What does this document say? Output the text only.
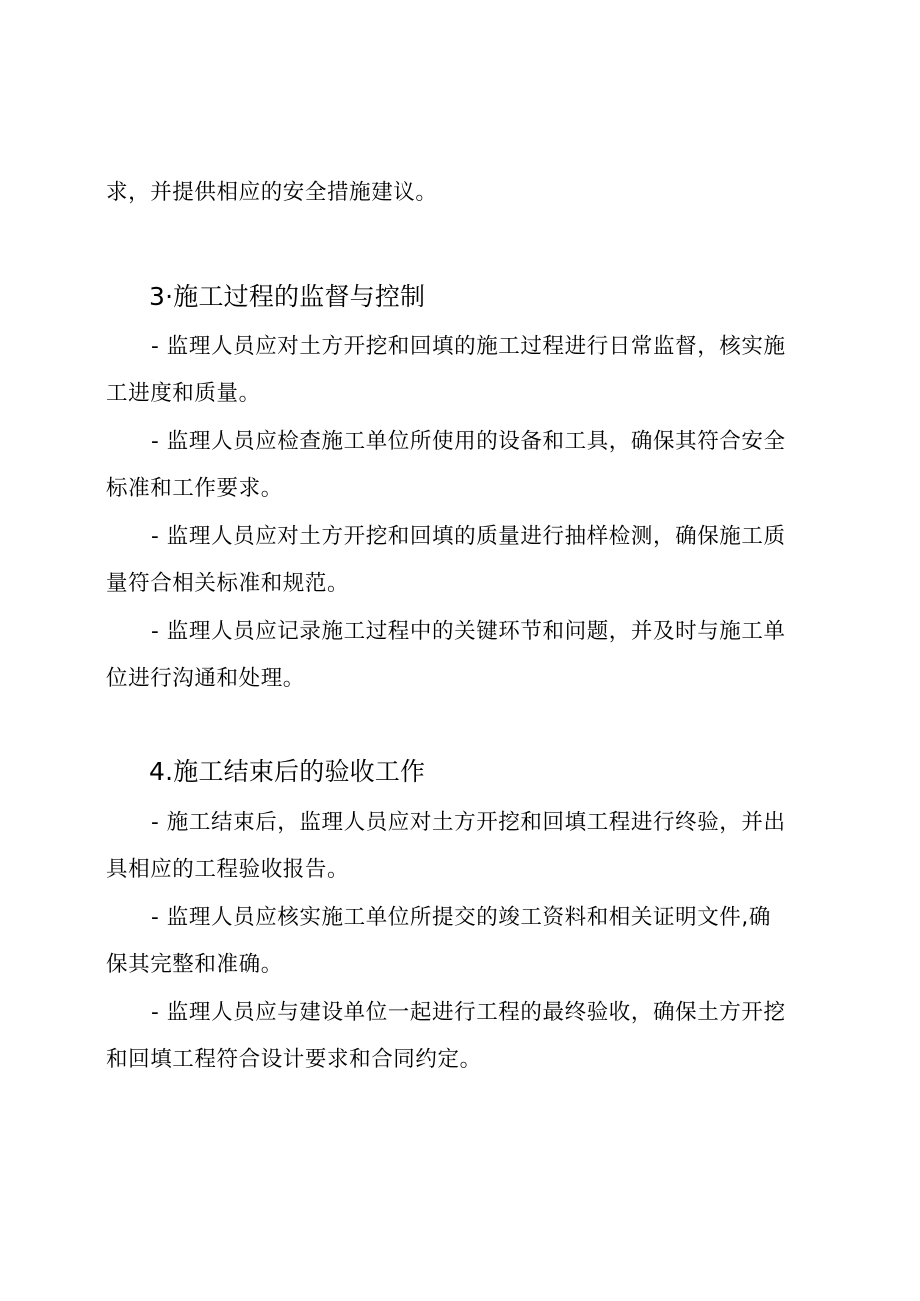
求，并提供相应的安全措施建议。
3·施工过程的监督与控制
- 监理人员应对土方开挖和回填的施工过程进行日常监督，核实施
工进度和质量。
- 监理人员应检查施工单位所使用的设备和工具，确保其符合安全
标准和工作要求。
- 监理人员应对土方开挖和回填的质量进行抽样检测，确保施工质
量符合相关标准和规范。
- 监理人员应记录施工过程中的关键环节和问题，并及时与施工单
位进行沟通和处理。
4.施工结束后的验收工作
- 施工结束后，监理人员应对土方开挖和回填工程进行终验，并出
具相应的工程验收报告。
- 监理人员应核实施工单位所提交的竣工资料和相关证明文件,确
保其完整和准确。
- 监理人员应与建设单位一起进行工程的最终验收，确保土方开挖
和回填工程符合设计要求和合同约定。
